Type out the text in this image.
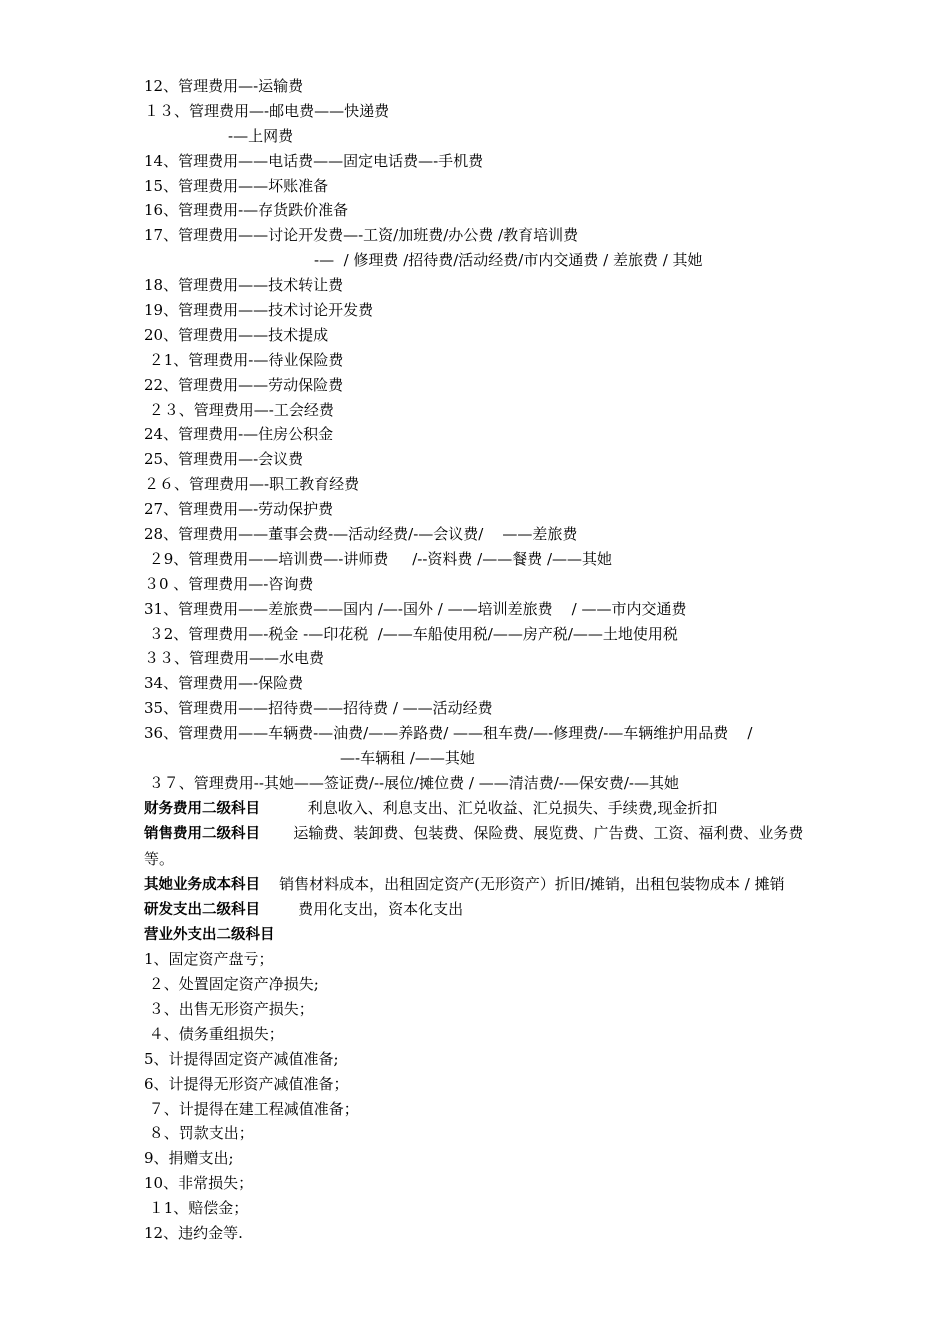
12、管理费用—-运输费
１３、管理费用—-邮电费——快递费
-—上网费
14、管理费用——电话费——固定电话费—-手机费
15、管理费用——坏账准备
16、管理费用-—存货跌价准备
17、管理费用——讨论开发费—-工资/加班费/办公费 /教育培训费
-—  / 修理费 /招待费/活动经费/市内交通费 / 差旅费 / 其她
18、管理费用——技术转让费
19、管理费用——技术讨论开发费
20、管理费用——技术提成
２1、管理费用-—待业保险费
22、管理费用——劳动保险费
２３、管理费用—-工会经费
24、管理费用-—住房公积金
25、管理费用—-会议费
２６、管理费用—-职工教育经费
27、管理费用—-劳动保护费
28、管理费用——董事会费-—活动经费/-—会议费/    ——差旅费
２9、管理费用——培训费—-讲师费     /--资料费 /——餐费 /——其她
３0 、管理费用—-咨询费
31、管理费用——差旅费——国内 /—-国外 / ——培训差旅费    / ——市内交通费
３2、管理费用—-税金 -—印花税  /——车船使用税/——房产税/——土地使用税
３３、管理费用——水电费
34、管理费用—-保险费
35、管理费用——招待费——招待费 / ——活动经费
36、管理费用——车辆费-—油费/——养路费/ ——租车费/—-修理费/-—车辆维护用品费    /
—-车辆租 /——其她
３７、管理费用--其她——签证费/--展位/摊位费 / ——清洁费/-—保安费/-—其她
财务费用二级科目	利息收入、利息支出、汇兑收益、汇兑损失、手续费,现金折扣
销售费用二级科目 运输费、装卸费、包装费、保险费、展览费、广告费、工资、福利费、业务费等。
其她业务成本科目 销售材料成本，出租固定资产(无形资产）折旧/摊销，出租包装物成本 / 摊销
研发支出二级科目	费用化支出，资本化支出
营业外支出二级科目
1、固定资产盘亏；
２、处置固定资产净损失;
３、出售无形资产损失；
４、债务重组损失；
5、计提得固定资产减值准备;
6、计提得无形资产减值准备；
７、计提得在建工程减值准备；
８、罚款支出；
9、捐赠支出;
10、非常损失；
１1、赔偿金；
12、违约金等.
